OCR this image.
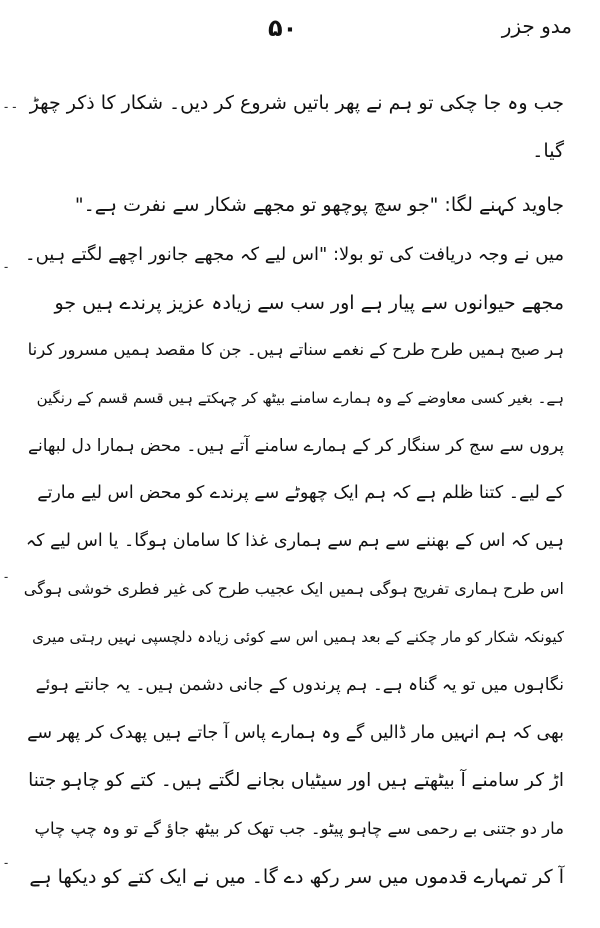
مدو جزر
۵۰
جب وہ جا چکی تو ہم نے پھر باتیں شروع کر دیں۔ شکار کا ذکر چھڑ
گیا۔
جاوید کہنے لگا: "جو سچ پوچھو تو مجھے شکار سے نفرت ہے۔"
میں نے وجہ دریافت کی تو بولا: "اس لیے کہ مجھے جانور اچھے لگتے ہیں۔
مجھے حیوانوں سے پیار ہے اور سب سے زیادہ عزیز پرندے ہیں جو
ہر صبح ہمیں طرح طرح کے نغمے سناتے ہیں۔ جن کا مقصد ہمیں مسرور کرنا
ہے۔ بغیر کسی معاوضے کے وہ ہمارے سامنے بیٹھ کر چہکتے ہیں قسم قسم کے رنگین
پروں سے سج کر سنگار کر کے ہمارے سامنے آتے ہیں۔ محض ہمارا دل لبھانے
کے لیے۔ کتنا ظلم ہے کہ ہم ایک چھوٹے سے پرندے کو محض اس لیے مارتے
ہیں کہ اس کے بھننے سے ہم سے ہماری غذا کا سامان ہوگا۔ یا اس لیے کہ
اس طرح ہماری تفریح ہوگی ہمیں ایک عجیب طرح کی غیر فطری خوشی ہوگی
کیونکہ شکار کو مار چکنے کے بعد ہمیں اس سے کوئی زیادہ دلچسپی نہیں رہتی میری
نگاہوں میں تو یہ گناہ ہے۔ ہم پرندوں کے جانی دشمن ہیں۔ یہ جانتے ہوئے
بھی کہ ہم انہیں مار ڈالیں گے وہ ہمارے پاس آ جاتے ہیں پھدک کر پھر سے
اڑ کر سامنے آ بیٹھتے ہیں اور سیٹیاں بجانے لگتے ہیں۔ کتے کو چاہو جتنا
مار دو جتنی بے رحمی سے چاہو پیٹو۔ جب تھک کر بیٹھ جاؤ گے تو وہ چپ چاپ
آ کر تمہارے قدموں میں سر رکھ دے گا۔ میں نے ایک کتے کو دیکھا ہے
۔۔
۔
۔
۔
